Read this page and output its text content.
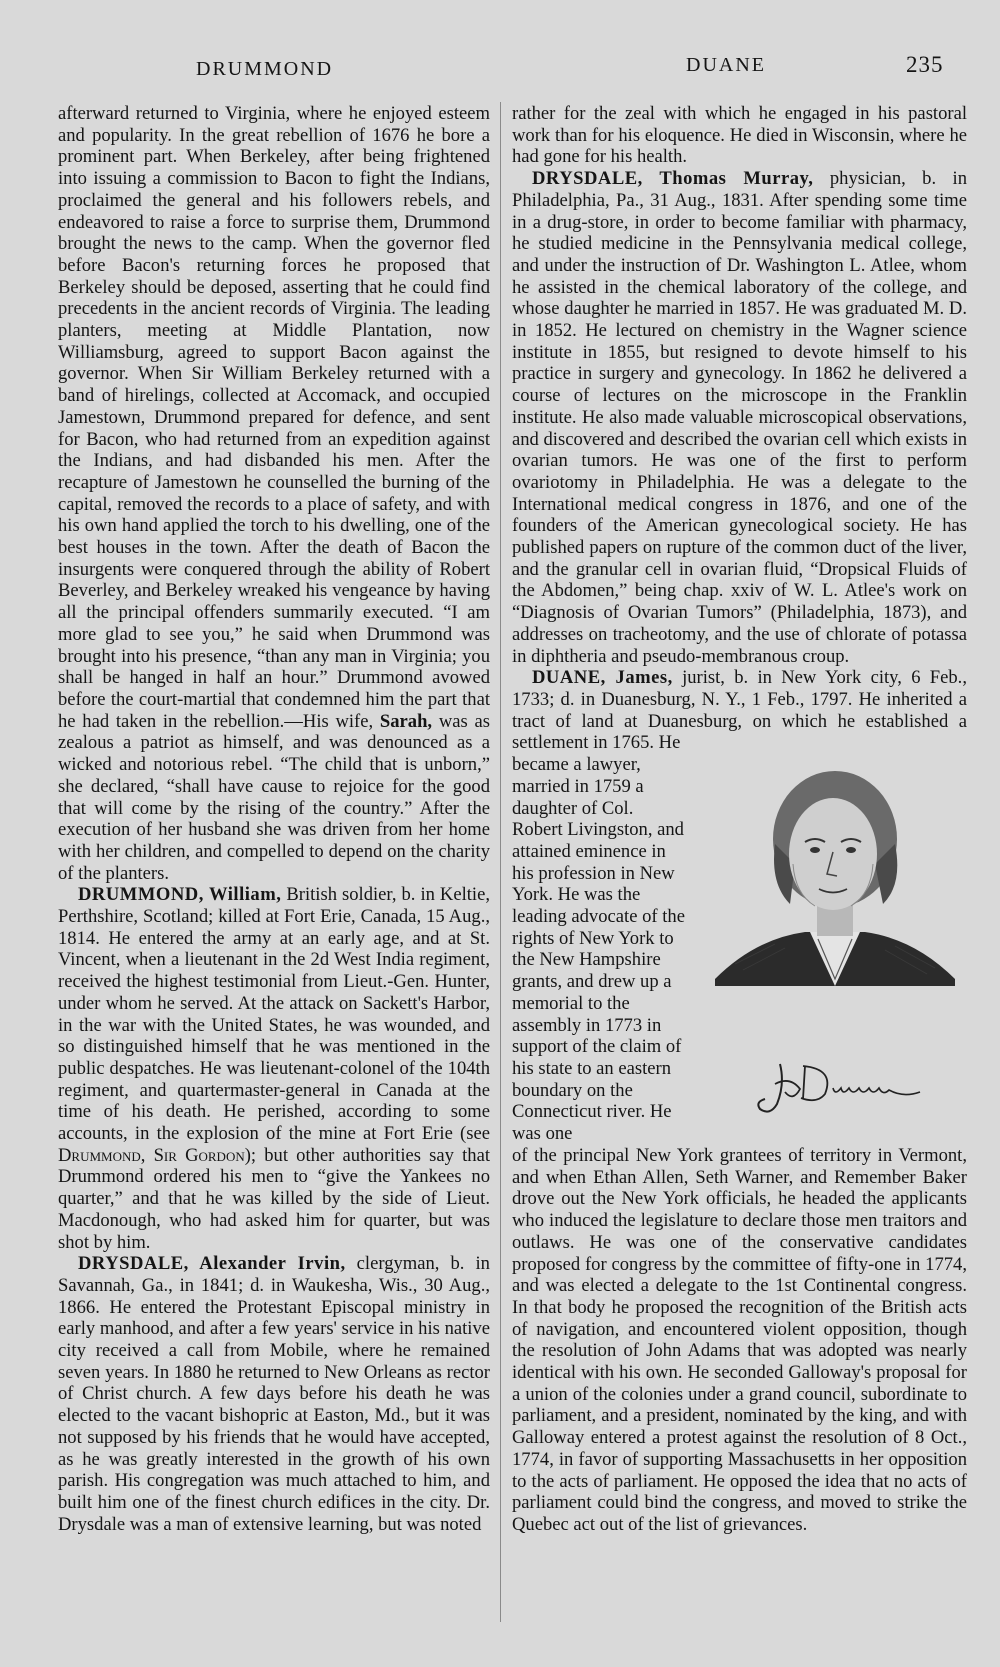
DRUMMOND	DUANE	235

afterward returned to Virginia, where he enjoyed esteem and popularity. In the great rebellion of 1676 he bore a prominent part. When Berkeley, after being frightened into issuing a commission to Bacon to fight the Indians, proclaimed the general and his followers rebels, and endeavored to raise a force to surprise them, Drummond brought the news to the camp. When the governor fled before Bacon's returning forces he proposed that Berkeley should be deposed, asserting that he could find precedents in the ancient records of Virginia. The leading planters, meeting at Middle Plantation, now Williamsburg, agreed to support Bacon against the governor. When Sir William Berkeley returned with a band of hirelings, collected at Accomack, and occupied Jamestown, Drummond prepared for defence, and sent for Bacon, who had returned from an expedition against the Indians, and had disbanded his men. After the recapture of Jamestown he counselled the burning of the capital, removed the records to a place of safety, and with his own hand applied the torch to his dwelling, one of the best houses in the town. After the death of Bacon the insurgents were conquered through the ability of Robert Beverley, and Berkeley wreaked his vengeance by having all the principal offenders summarily executed. “I am more glad to see you,” he said when Drummond was brought into his presence, “than any man in Virginia; you shall be hanged in half an hour.” Drummond avowed before the court-martial that condemned him the part that he had taken in the rebellion.—His wife, Sarah, was as zealous a patriot as himself, and was denounced as a wicked and notorious rebel. “The child that is unborn,” she declared, “shall have cause to rejoice for the good that will come by the rising of the country.” After the execution of her husband she was driven from her home with her children, and compelled to depend on the charity of the planters.

DRUMMOND, William, British soldier, b. in Keltie, Perthshire, Scotland; killed at Fort Erie, Canada, 15 Aug., 1814. He entered the army at an early age, and at St. Vincent, when a lieutenant in the 2d West India regiment, received the highest testimonial from Lieut.-Gen. Hunter, under whom he served. At the attack on Sackett's Harbor, in the war with the United States, he was wounded, and so distinguished himself that he was mentioned in the public despatches. He was lieutenant-colonel of the 104th regiment, and quartermaster-general in Canada at the time of his death. He perished, according to some accounts, in the explosion of the mine at Fort Erie (see Drummond, Sir Gordon); but other authorities say that Drummond ordered his men to “give the Yankees no quarter,” and that he was killed by the side of Lieut. Macdonough, who had asked him for quarter, but was shot by him.

DRYSDALE, Alexander Irvin, clergyman, b. in Savannah, Ga., in 1841; d. in Waukesha, Wis., 30 Aug., 1866. He entered the Protestant Episcopal ministry in early manhood, and after a few years' service in his native city received a call from Mobile, where he remained seven years. In 1880 he returned to New Orleans as rector of Christ church. A few days before his death he was elected to the vacant bishopric at Easton, Md., but it was not supposed by his friends that he would have accepted, as he was greatly interested in the growth of his own parish. His congregation was much attached to him, and built him one of the finest church edifices in the city. Dr. Drysdale was a man of extensive learning, but was noted

rather for the zeal with which he engaged in his pastoral work than for his eloquence. He died in Wisconsin, where he had gone for his health.

DRYSDALE, Thomas Murray, physician, b. in Philadelphia, Pa., 31 Aug., 1831. After spending some time in a drug-store, in order to become familiar with pharmacy, he studied medicine in the Pennsylvania medical college, and under the instruction of Dr. Washington L. Atlee, whom he assisted in the chemical laboratory of the college, and whose daughter he married in 1857. He was graduated M. D. in 1852. He lectured on chemistry in the Wagner science institute in 1855, but resigned to devote himself to his practice in surgery and gynecology. In 1862 he delivered a course of lectures on the microscope in the Franklin institute. He also made valuable microscopical observations, and discovered and described the ovarian cell which exists in ovarian tumors. He was one of the first to perform ovariotomy in Philadelphia. He was a delegate to the International medical congress in 1876, and one of the founders of the American gynecological society. He has published papers on rupture of the common duct of the liver, and the granular cell in ovarian fluid, “Dropsical Fluids of the Abdomen,” being chap. xxiv of W. L. Atlee's work on “Diagnosis of Ovarian Tumors” (Philadelphia, 1873), and addresses on tracheotomy, and the use of chlorate of potassa in diphtheria and pseudo-membranous croup.

DUANE, James, jurist, b. in New York city, 6 Feb., 1733; d. in Duanesburg, N. Y., 1 Feb., 1797. He inherited a tract of land at Duanesburg, on which he established a settlement in 1765. He

became a lawyer, married in 1759 a daughter of Col. Robert Livingston, and attained eminence in his profession in New York. He was the leading advocate of the rights of New York to the New Hampshire grants, and drew up a memorial to the assembly in 1773 in support of the claim of his state to an eastern boundary on the Connecticut river. He was one

of the principal New York grantees of territory in Vermont, and when Ethan Allen, Seth Warner, and Remember Baker drove out the New York officials, he headed the applicants who induced the legislature to declare those men traitors and outlaws. He was one of the conservative candidates proposed for congress by the committee of fifty-one in 1774, and was elected a delegate to the 1st Continental congress. In that body he proposed the recognition of the British acts of navigation, and encountered violent opposition, though the resolution of John Adams that was adopted was nearly identical with his own. He seconded Galloway's proposal for a union of the colonies under a grand council, subordinate to parliament, and a president, nominated by the king, and with Galloway entered a protest against the resolution of 8 Oct., 1774, in favor of supporting Massachusetts in her opposition to the acts of parliament. He opposed the idea that no acts of parliament could bind the congress, and moved to strike the Quebec act out of the list of grievances.
